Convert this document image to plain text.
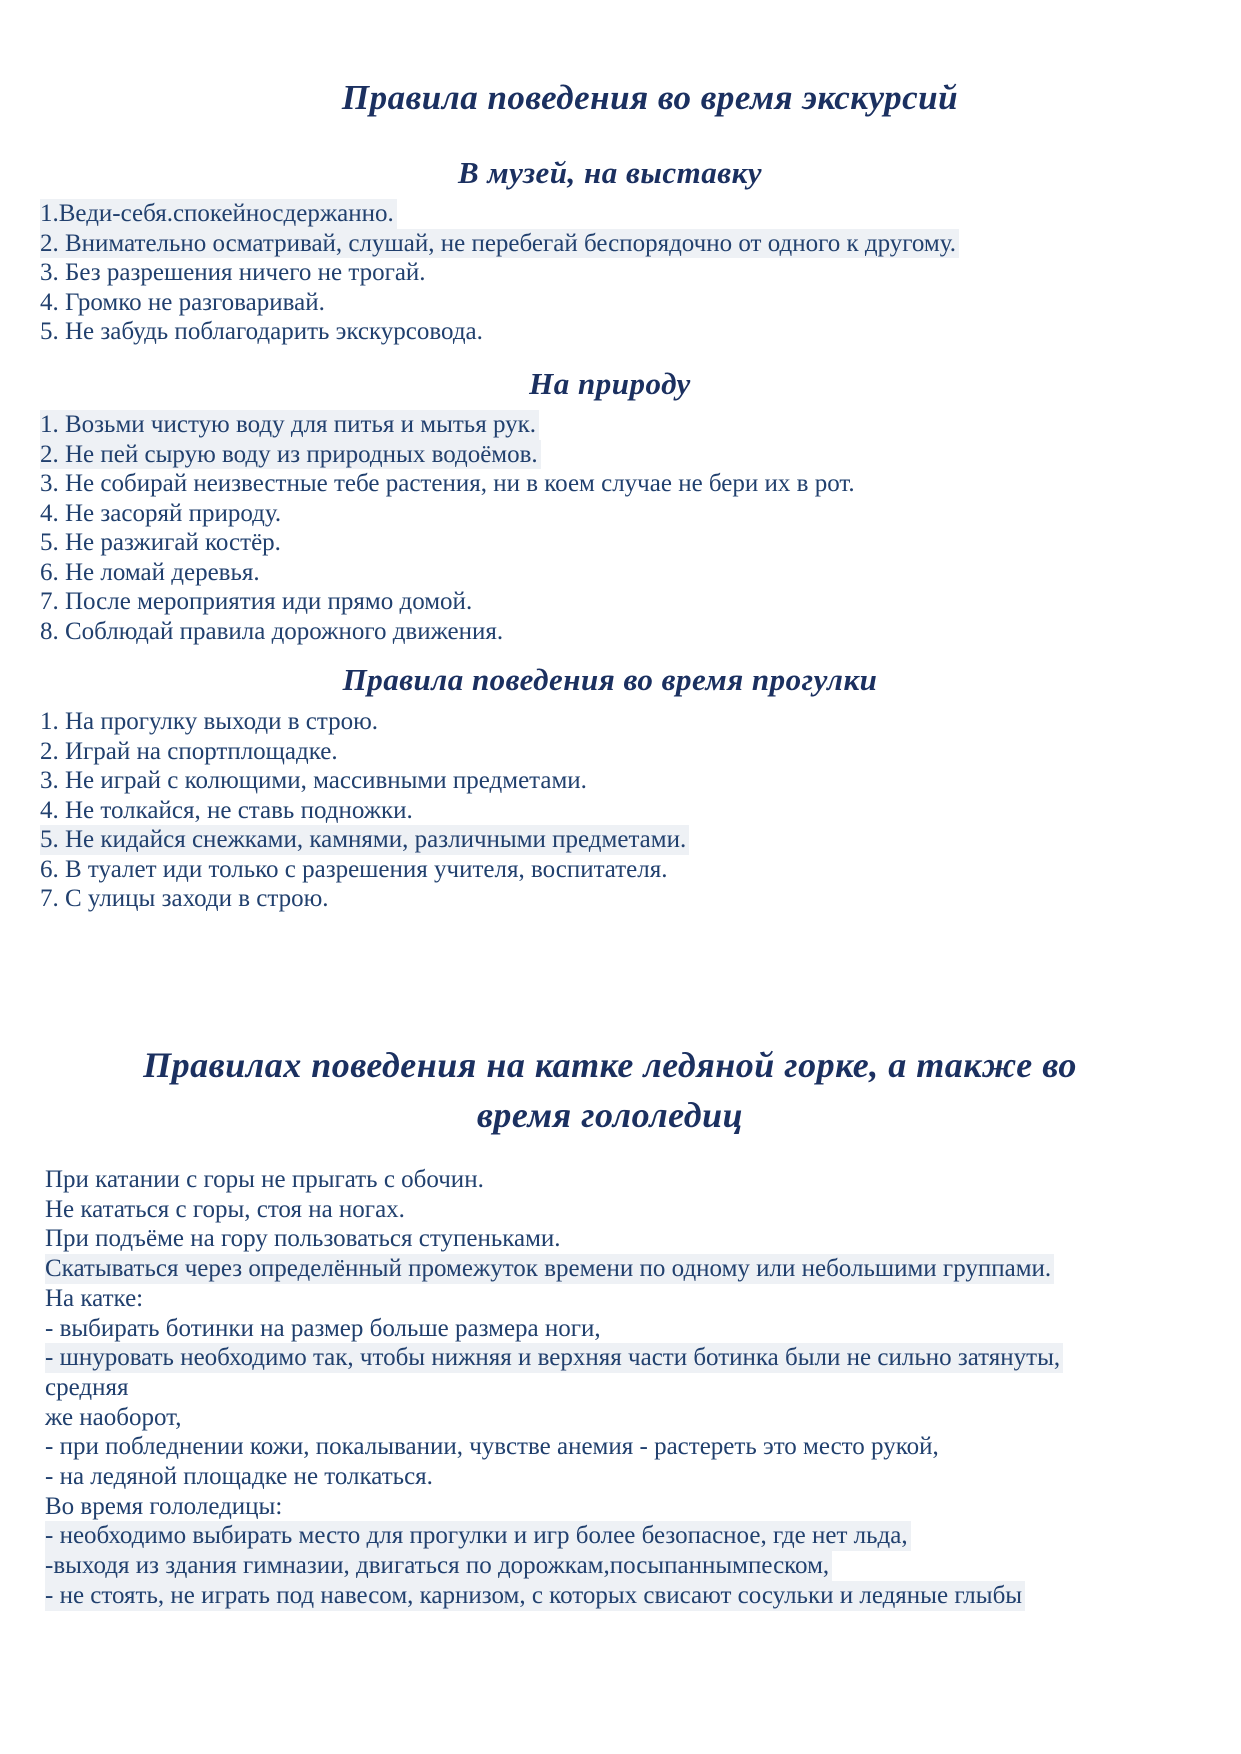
Правила поведения во время экскурсий
В музей, на выставку
1.Веди-себя.спокейносдержанно.
2. Внимательно осматривай, слушай, не перебегай беспорядочно от одного к другому.
3. Без разрешения ничего не трогай.
4. Громко не разговаривай.
5. Не забудь поблагодарить экскурсовода.
На природу
1. Возьми чистую воду для питья и мытья рук.
2. Не пей сырую воду из природных водоёмов.
3. Не собирай неизвестные тебе растения, ни в коем случае не бери их в рот.
4. Не засоряй природу.
5. Не разжигай костёр.
6. Не ломай деревья.
7. После мероприятия иди прямо домой.
8. Соблюдай правила дорожного движения.
Правила поведения во время прогулки
1. На прогулку выходи в строю.
2. Играй на спортплощадке.
3. Не играй с колющими, массивными предметами.
4. Не толкайся, не ставь подножки.
5. Не кидайся снежками, камнями, различными предметами.
6. В туалет иди только с разрешения учителя, воспитателя.
7. С улицы заходи в строю.
Правилах поведения на катке ледяной горке, а также во
время гололедиц
При катании с горы не прыгать с обочин.
Не кататься с горы, стоя на ногах.
При подъёме на гору пользоваться ступеньками.
Скатываться через определённый промежуток времени по одному или небольшими группами.
На катке:
- выбирать ботинки на размер больше размера ноги,
- шнуровать необходимо так, чтобы нижняя и верхняя части ботинка были не сильно затянуты,
средняя
же наоборот,
- при побледнении кожи, покалывании, чувстве анемия - растереть это место рукой,
- на ледяной площадке не толкаться.
Во время гололедицы:
- необходимо выбирать место для прогулки и игр более безопасное, где нет льда,
-выходя из здания гимназии, двигаться по дорожкам,посыпаннымпеском,
- не стоять, не играть под навесом, карнизом, с которых свисают сосульки и ледяные глыбы
